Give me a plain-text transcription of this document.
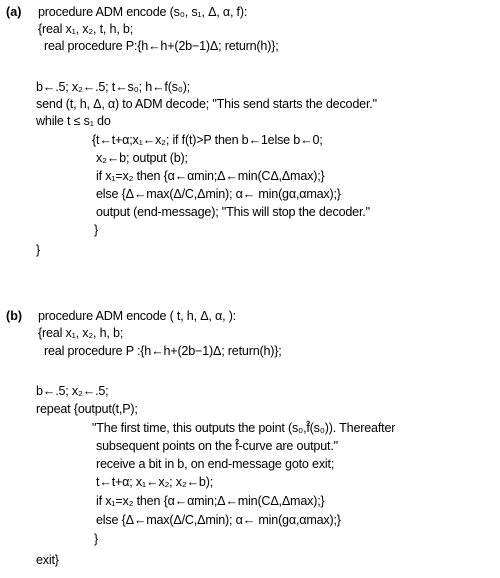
(a) procedure ADM encode (s₀, s₁, Δ, α, f):
{real x₁, x₂, t, h, b;
real procedure P:{h←h+(2b−1)Δ; return(h)};
b←.5; x₂←.5; t←s₀; h←f(s₀);
send (t, h, Δ, α) to ADM decode; "This send starts the decoder."
while t ≤ s₁ do
{t←t+α;x₁←x₂; if f(t)>P then b←1else b←0;
x₂←b; output (b);
if x₁=x₂ then {α←αmin;Δ←min(CΔ,Δmax);}
else {Δ←max(Δ/C,Δmin); α← min(gα,αmax);}
output (end-message); "This will stop the decoder."
}
}
(b) procedure ADM encode ( t, h, Δ, α, ):
{real x₁, x₂, h, b;
real procedure P :{h←h+(2b−1)Δ; return(h)};
b←.5; x₂←.5;
repeat {output(t,P);
"The first time, this outputs the point (s₀,f̂(s₀)). Thereafter
subsequent points on the f̂-curve are output."
receive a bit in b, on end-message goto exit;
t←t+α; x₁←x₂; x₂←b);
if x₁=x₂ then {α←αmin;Δ←min(CΔ,Δmax);}
else {Δ←max(Δ/C,Δmin); α← min(gα,αmax);}
}
exit}
